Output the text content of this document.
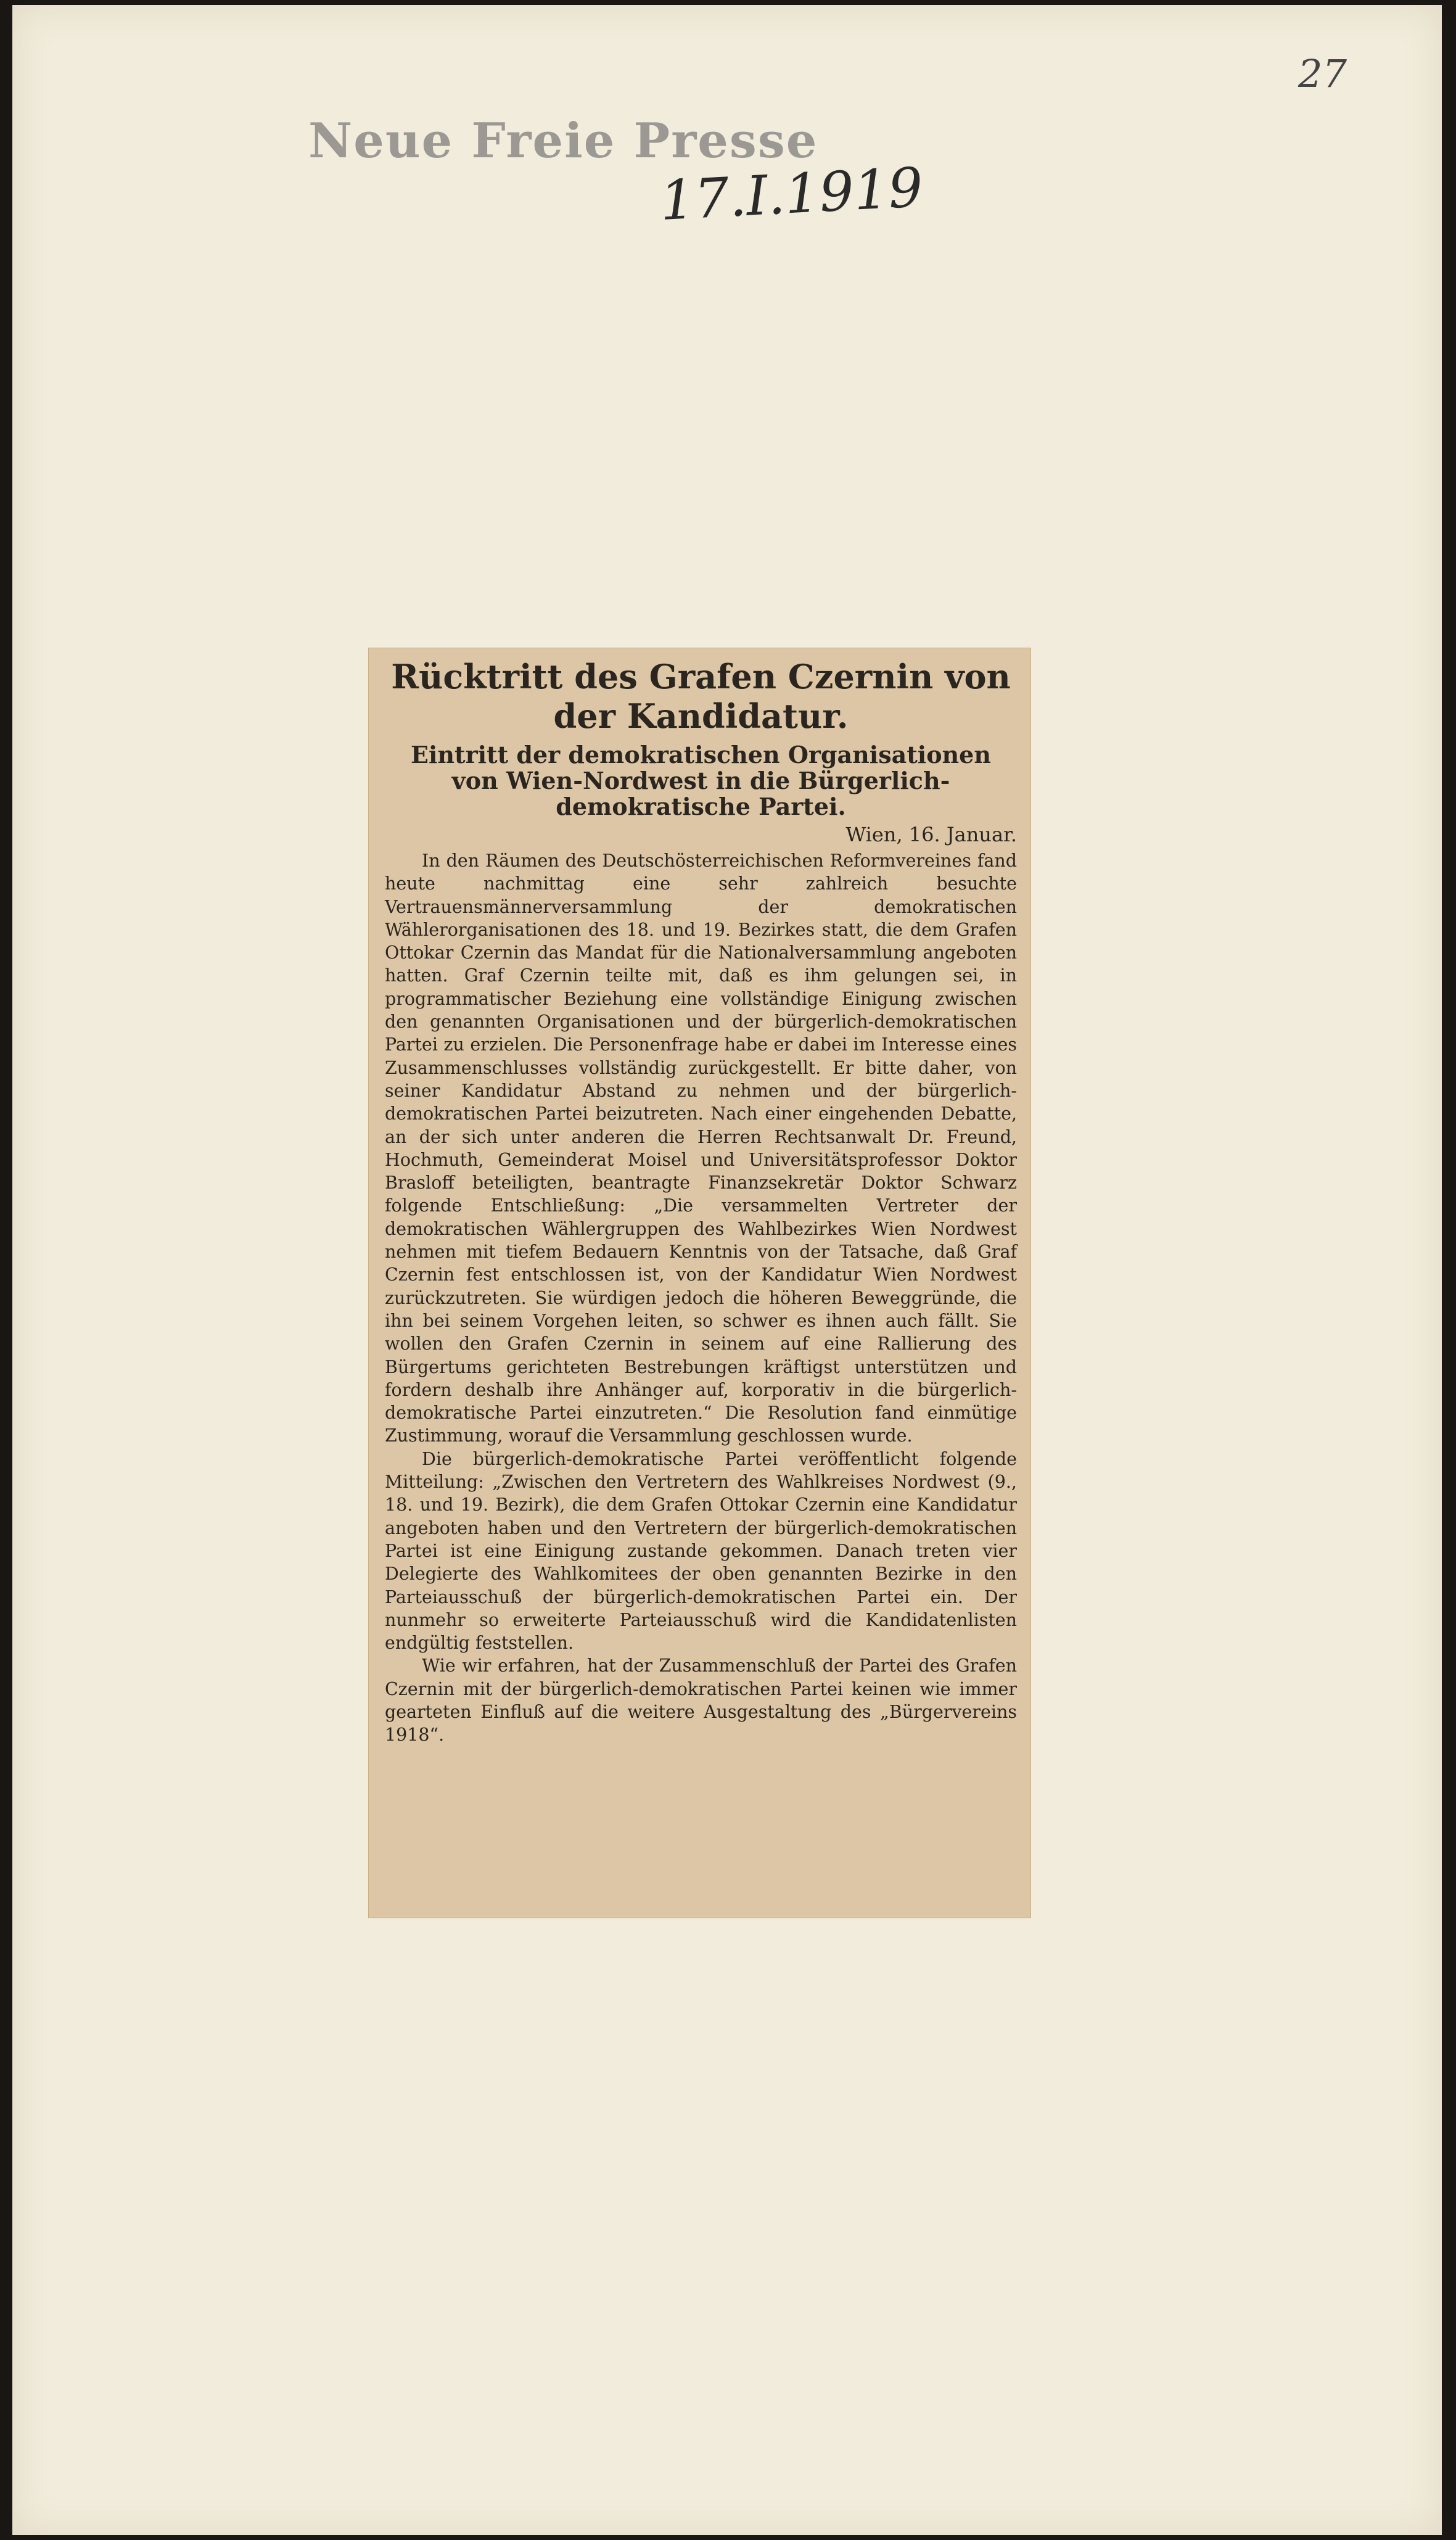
Neue Freie Presse
17.I.1919
27
Rücktritt des Grafen Czernin von der Kandidatur.
Eintritt der demokratischen Organisationen von Wien-Nordwest in die Bürgerlich-demokratische Partei.
Wien, 16. Januar.

In den Räumen des Deutschösterreichischen Reformvereines fand heute nachmittag eine sehr zahlreich besuchte Vertrauensmännerversammlung der demokratischen Wählerorganisationen des 18. und 19. Bezirkes statt, die dem Grafen Ottokar Czernin das Mandat für die Nationalversammlung angeboten hatten. Graf Czernin teilte mit, daß es ihm gelungen sei, in programmatischer Beziehung eine vollständige Einigung zwischen den genannten Organisationen und der bürgerlich-demokratischen Partei zu erzielen. Die Personenfrage habe er dabei im Interesse eines Zusammenschlusses vollständig zurückgestellt. Er bitte daher, von seiner Kandidatur Abstand zu nehmen und der bürgerlich-demokratischen Partei beizutreten. Nach einer eingehenden Debatte, an der sich unter anderen die Herren Rechtsanwalt Dr. Freund, Hochmuth, Gemeinderat Moisel und Universitätsprofessor Doktor Brasloff beteiligten, beantragte Finanzsekretär Doktor Schwarz folgende Entschließung: „Die versammelten Vertreter der demokratischen Wählergruppen des Wahlbezirkes Wien Nordwest nehmen mit tiefem Bedauern Kenntnis von der Tatsache, daß Graf Czernin fest entschlossen ist, von der Kandidatur Wien Nordwest zurückzutreten. Sie würdigen jedoch die höheren Beweggründe, die ihn bei seinem Vorgehen leiten, so schwer es ihnen auch fällt. Sie wollen den Grafen Czernin in seinem auf eine Rallierung des Bürgertums gerichteten Bestrebungen kräftigst unterstützen und fordern deshalb ihre Anhänger auf, korporativ in die bürgerlich-demokratische Partei einzutreten.“ Die Resolution fand einmütige Zustimmung, worauf die Versammlung geschlossen wurde.

Die bürgerlich-demokratische Partei veröffentlicht folgende Mitteilung: „Zwischen den Vertretern des Wahlkreises Nordwest (9., 18. und 19. Bezirk), die dem Grafen Ottokar Czernin eine Kandidatur angeboten haben und den Vertretern der bürgerlich-demokratischen Partei ist eine Einigung zustande gekommen. Danach treten vier Delegierte des Wahlkomitees der oben genannten Bezirke in den Parteiausschuß der bürgerlich-demokratischen Partei ein. Der nunmehr so erweiterte Parteiausschuß wird die Kandidatenlisten endgültig feststellen.

Wie wir erfahren, hat der Zusammenschluß der Partei des Grafen Czernin mit der bürgerlich-demokratischen Partei keinen wie immer gearteten Einfluß auf die weitere Ausgestaltung des „Bürgervereins 1918“.
